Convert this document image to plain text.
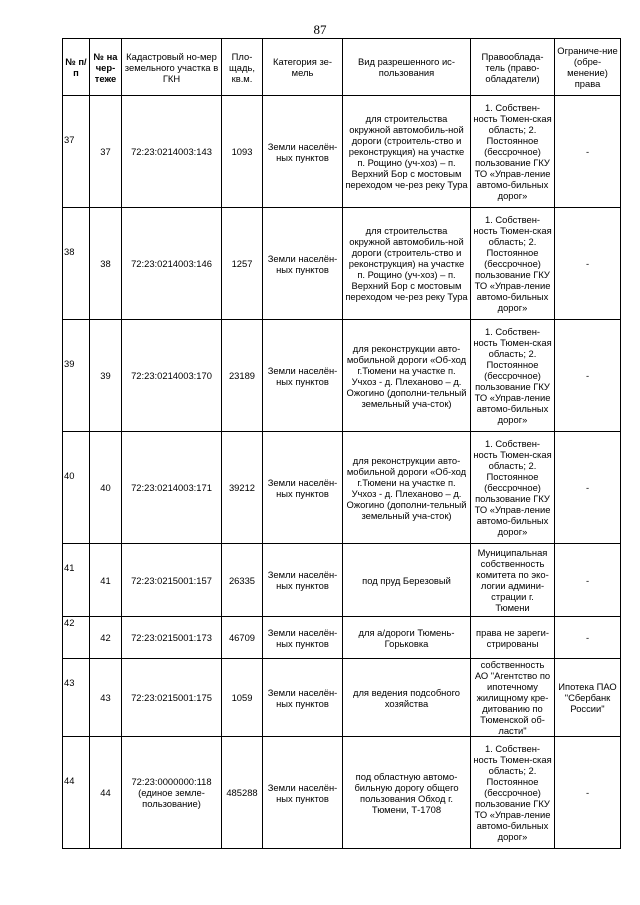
87
№ п/п	№ на чер-теже	Кадастровый но-мер земельного участка в ГКН	Пло-щадь, кв.м.	Категория зе-мель	Вид разрешенного ис-пользования	Правооблада-тель (право-обладатели)	Ограниче-ние (обре-менение) права
37	37	72:23:0214003:143	1093	Земли населён-ных пунктов	для строительства окружной автомобиль-ной дороги (строитель-ство и реконструкция) на участке п. Рощино (уч-хоз) – п. Верхний Бор с мостовым переходом че-рез реку Тура	1. Собствен-ность Тюмен-ская область; 2. Постоянное (бессрочное) пользование ГКУ ТО «Управ-ление автомо-бильных дорог»	-
38	38	72:23:0214003:146	1257	Земли населён-ных пунктов	для строительства окружной автомобиль-ной дороги (строитель-ство и реконструкция) на участке п. Рощино (уч-хоз) – п. Верхний Бор с мостовым переходом че-рез реку Тура	1. Собствен-ность Тюмен-ская область; 2. Постоянное (бессрочное) пользование ГКУ ТО «Управ-ление автомо-бильных дорог»	-
39	39	72:23:0214003:170	23189	Земли населён-ных пунктов	для реконструкции авто-мобильной дороги «Об-ход г.Тюмени на участке п. Учхоз - д. Плеханово – д. Ожогино (дополни-тельный земельный уча-сток)	1. Собствен-ность Тюмен-ская область; 2. Постоянное (бессрочное) пользование ГКУ ТО «Управ-ление автомо-бильных дорог»	-
40	40	72:23:0214003:171	39212	Земли населён-ных пунктов	для реконструкции авто-мобильной дороги «Об-ход г.Тюмени на участке п. Учхоз - д. Плеханово – д. Ожогино (дополни-тельный земельный уча-сток)	1. Собствен-ность Тюмен-ская область; 2. Постоянное (бессрочное) пользование ГКУ ТО «Управ-ление автомо-бильных дорог»	-
41	41	72:23:0215001:157	26335	Земли населён-ных пунктов	под пруд Березовый	Муниципальная собственность комитета по эко-логии админи-страции г. Тюмени	-
42	42	72:23:0215001:173	46709	Земли населён-ных пунктов	для а/дороги Тюмень-Горьковка	права не зареги-стрированы	-
43	43	72:23:0215001:175	1059	Земли населён-ных пунктов	для ведения подсобного хозяйства	собственность АО "Агентство по ипотечному жилищному кре-дитованию по Тюменской об-ласти"	Ипотека ПАО "Сбербанк России"
44	44	72:23:0000000:118 (единое земле-пользование)	485288	Земли населён-ных пунктов	под областную автомо-бильную дорогу общего пользования Обход г. Тюмени, Т-1708	1. Собствен-ность Тюмен-ская область; 2. Постоянное (бессрочное) пользование ГКУ ТО «Управ-ление автомо-бильных дорог»	-
